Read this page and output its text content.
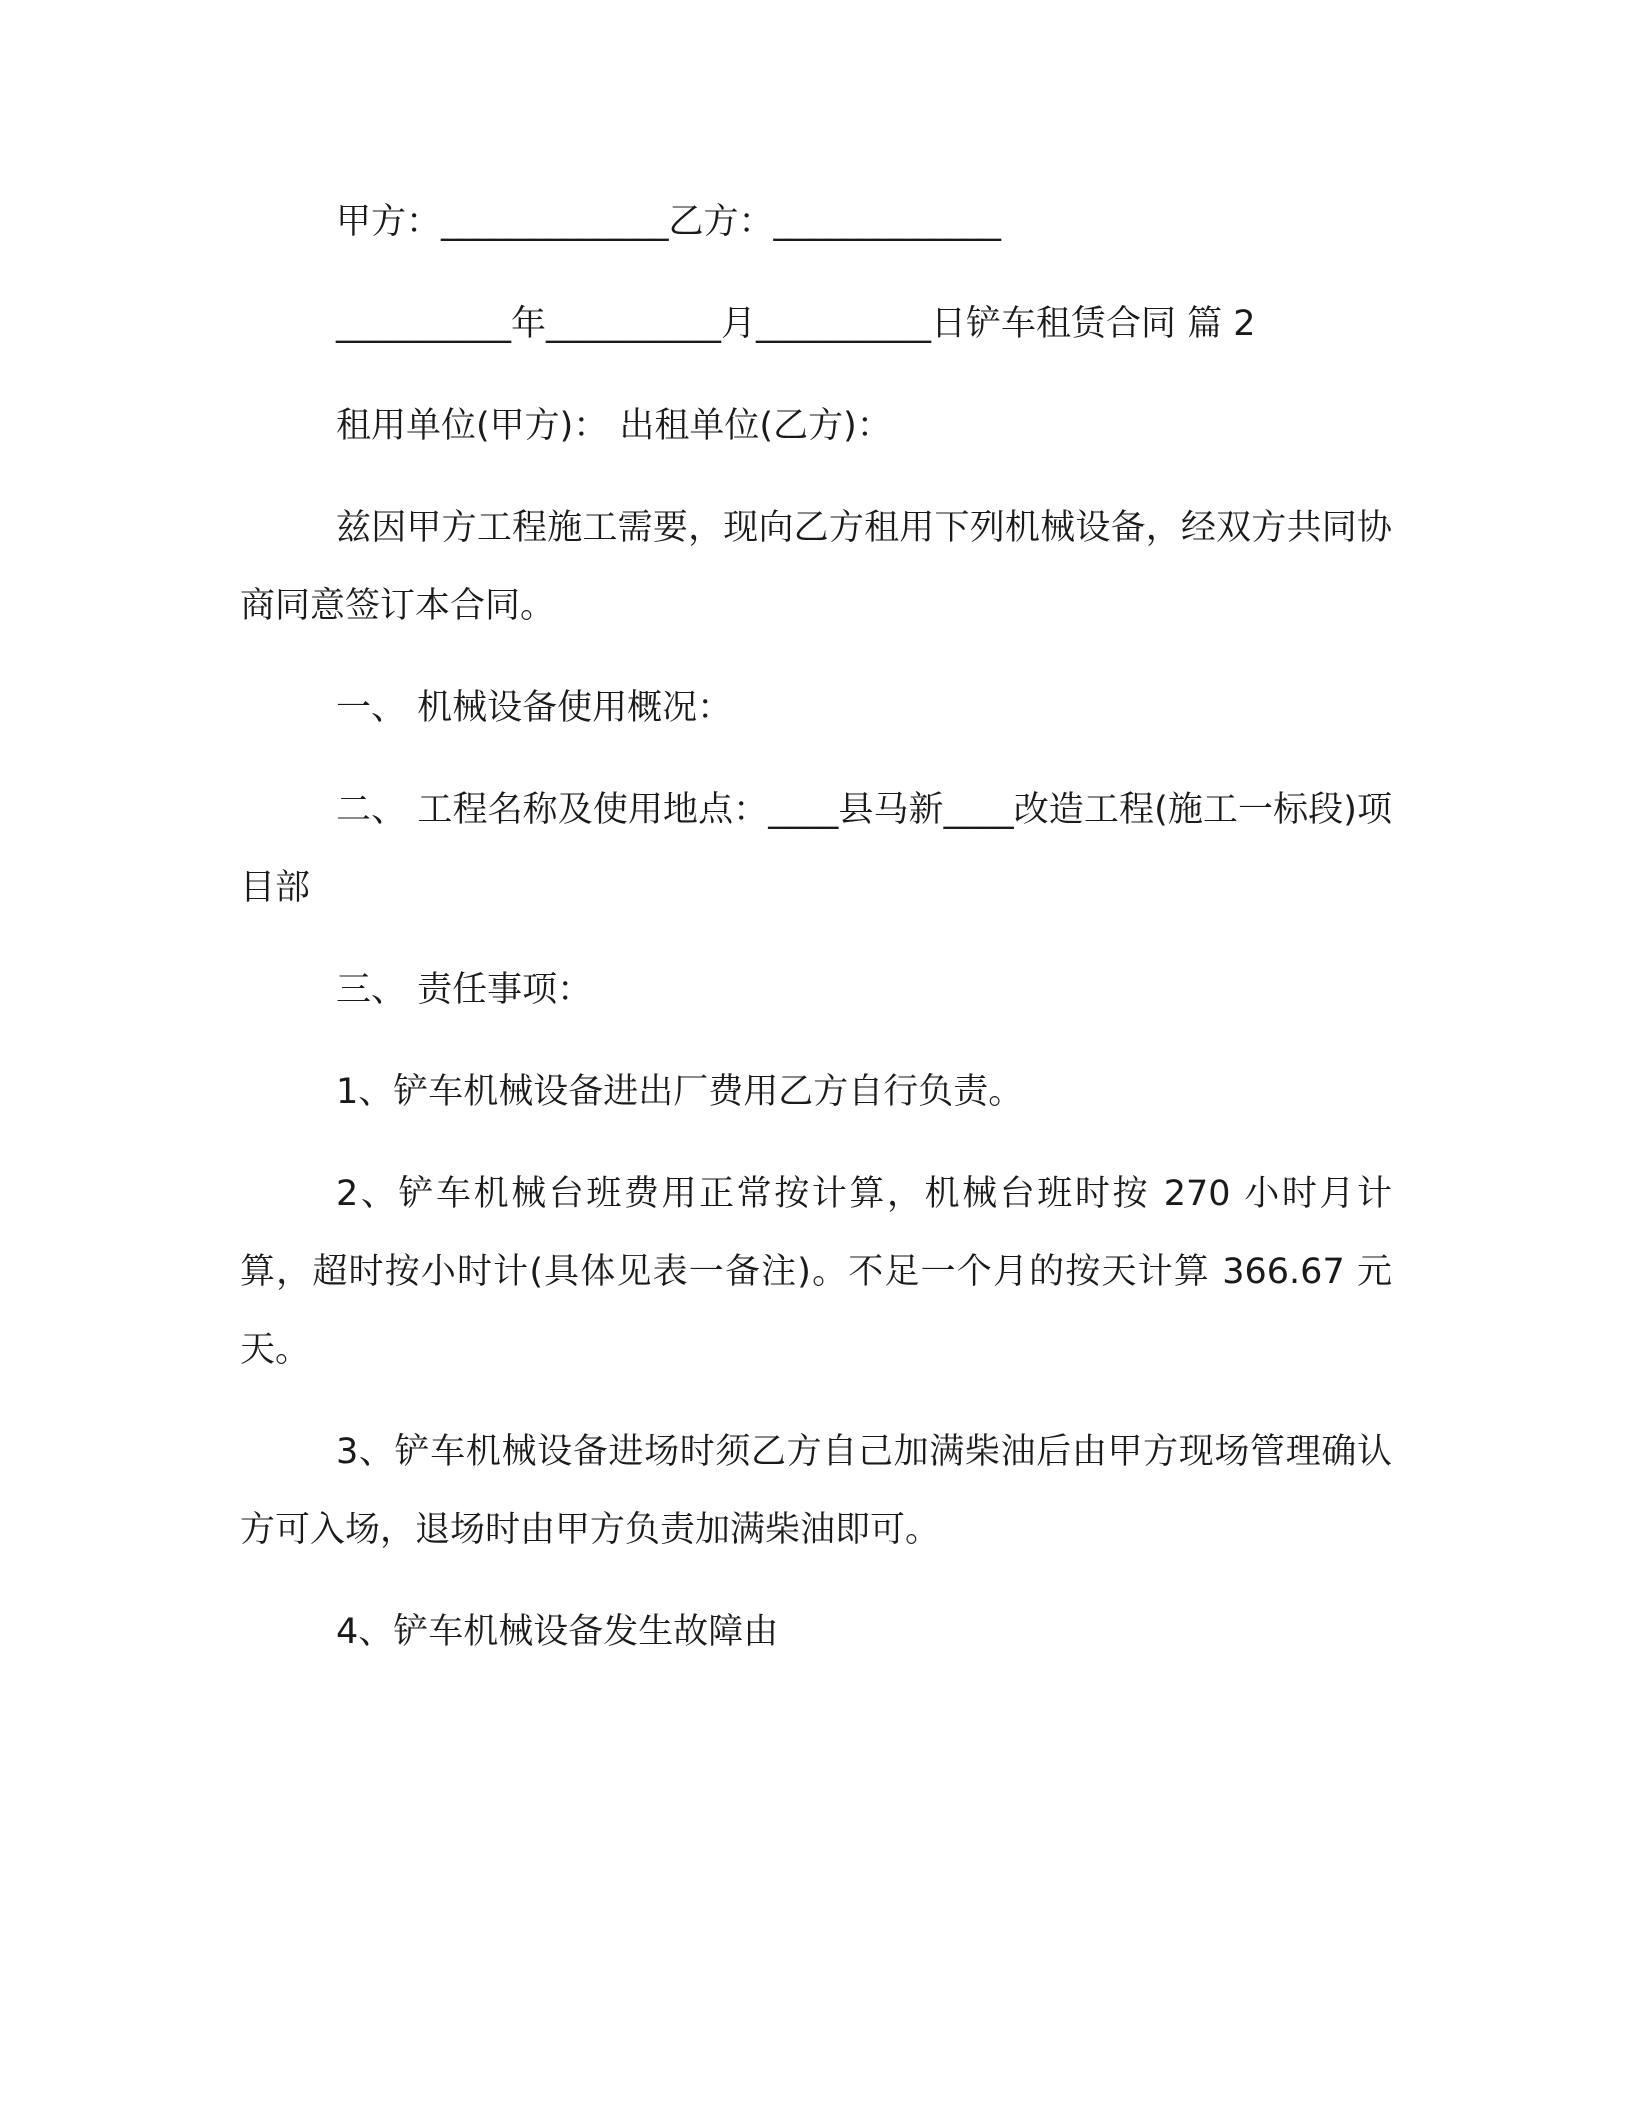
甲方：_____________乙方：_____________

__________年__________月__________日铲车租赁合同 篇 2

租用单位(甲方)： 出租单位(乙方)：

兹因甲方工程施工需要，现向乙方租用下列机械设备，经双方共同协商同意签订本合同。

一、 机械设备使用概况：

二、 工程名称及使用地点：____县马新____改造工程(施工一标段)项目部

三、 责任事项：

1、铲车机械设备进出厂费用乙方自行负责。

2、铲车机械台班费用正常按计算，机械台班时按 270 小时月计算，超时按小时计(具体见表一备注)。不足一个月的按天计算 366.67 元天。

3、铲车机械设备进场时须乙方自己加满柴油后由甲方现场管理确认方可入场，退场时由甲方负责加满柴油即可。

4、铲车机械设备发生故障由
